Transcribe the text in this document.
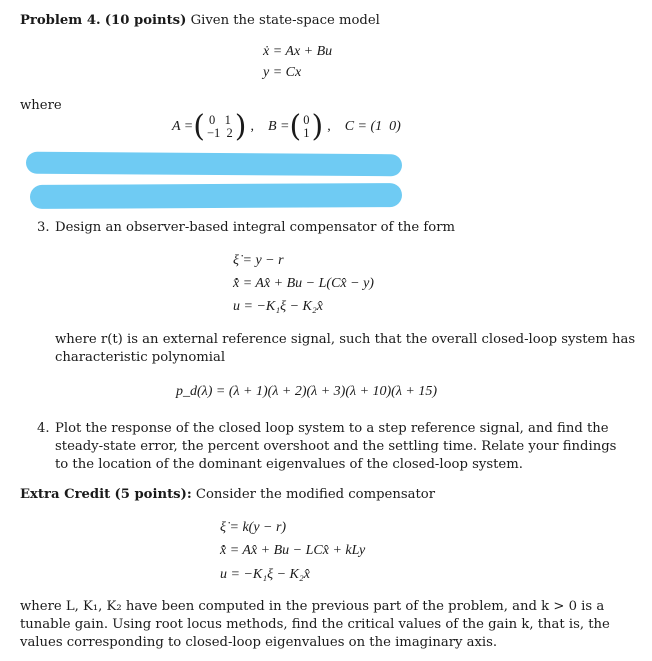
Problem 4. (10 points) Given the state-space model
ẋ = Ax + Bu
y = Cx
where
A = ( 0   1
−1  2 ) , B = ( 0
1 ) , C = (1  0)
3. Design an observer-based integral compensator of the form
ξ̇ = y − r
x̂̇ = Ax̂ + Bu − L(Cx̂ − y)
u = −K₁ξ − K₂x̂
where r(t) is an external reference signal, such that the overall closed-loop system has
characteristic polynomial
p_d(λ) = (λ + 1)(λ + 2)(λ + 3)(λ + 10)(λ + 15)
4. Plot the response of the closed loop system to a step reference signal, and find the
steady-state error, the percent overshoot and the settling time. Relate your findings
to the location of the dominant eigenvalues of the closed-loop system.
Extra Credit (5 points): Consider the modified compensator
ξ̇ = k(y − r)
x̂̇ = Ax̂ + Bu − LCx̂ + kLy
u = −K₁ξ − K₂x̂
where L, K₁, K₂ have been computed in the previous part of the problem, and k > 0 is a
tunable gain. Using root locus methods, find the critical values of the gain k, that is, the
values corresponding to closed-loop eigenvalues on the imaginary axis.
